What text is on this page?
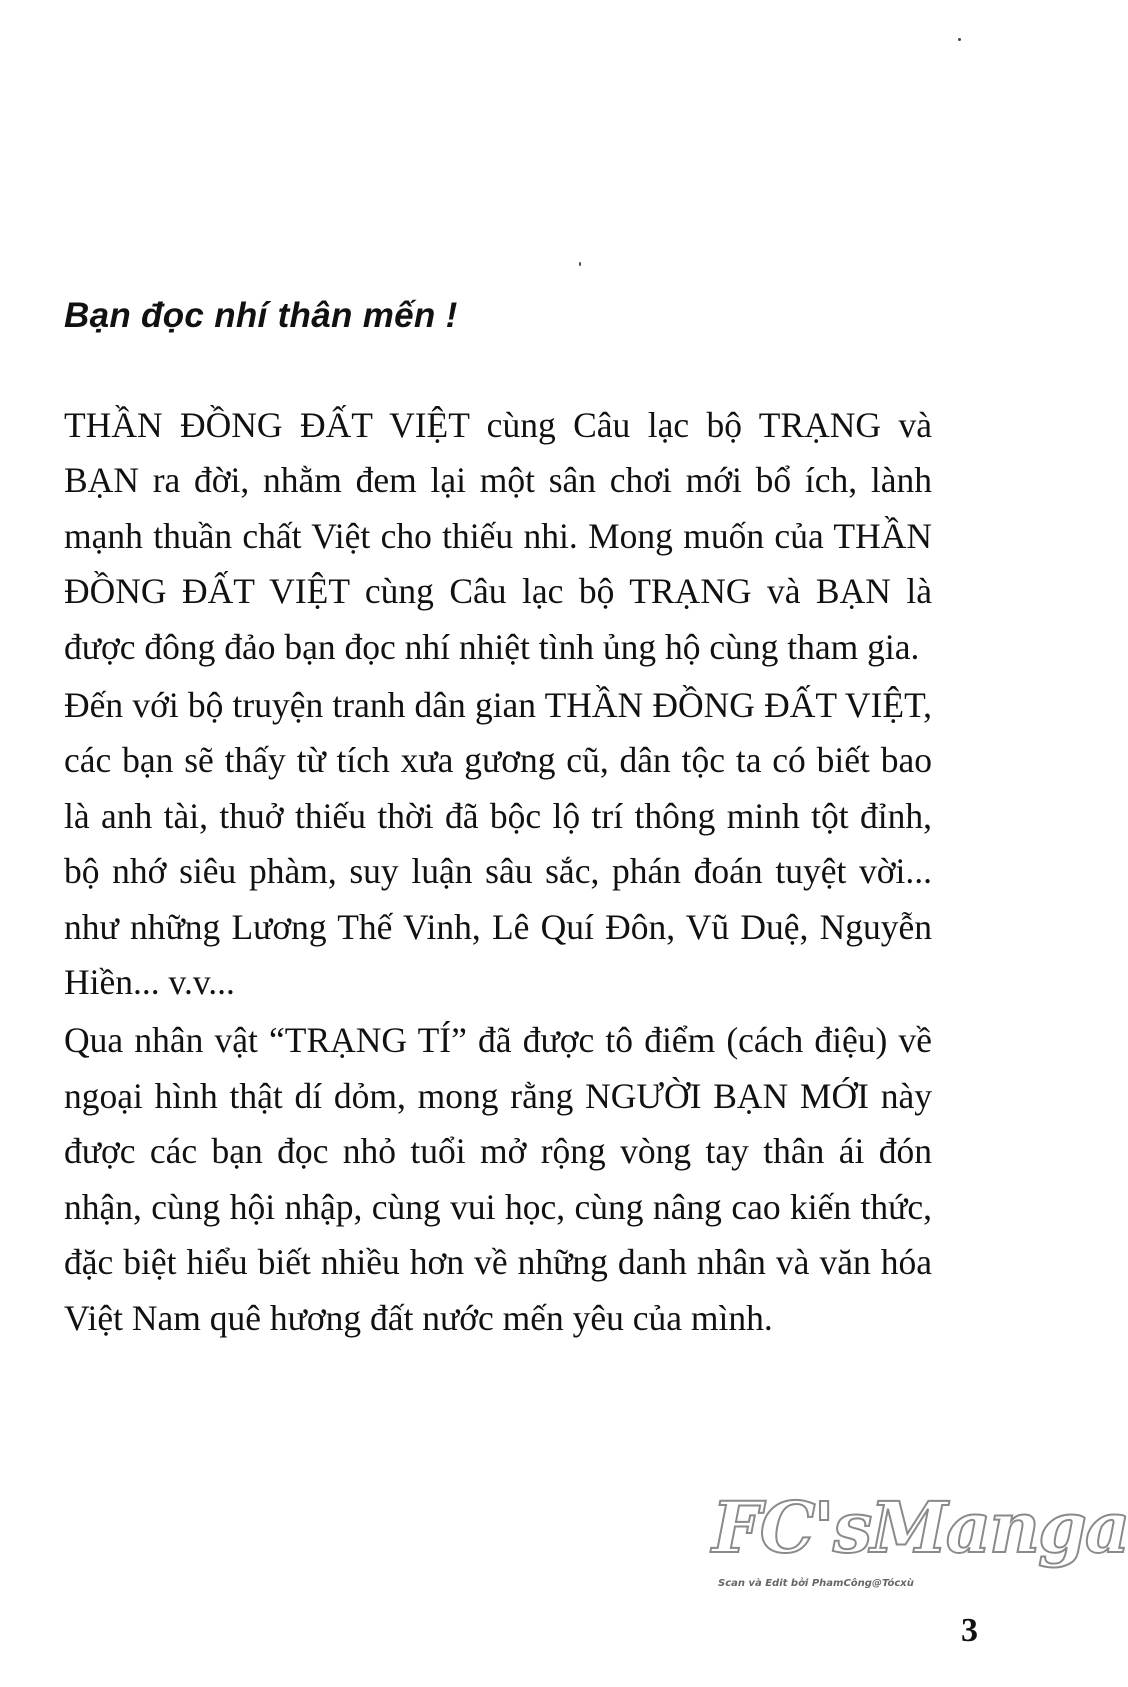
Bạn đọc nhí thân mến !

THẦN ĐỒNG ĐẤT VIỆT cùng Câu lạc bộ TRẠNG và BẠN ra đời, nhằm đem lại một sân chơi mới bổ ích, lành mạnh thuần chất Việt cho thiếu nhi. Mong muốn của THẦN ĐỒNG ĐẤT VIỆT cùng Câu lạc bộ TRẠNG và BẠN là được đông đảo bạn đọc nhí nhiệt tình ủng hộ cùng tham gia.

Đến với bộ truyện tranh dân gian THẦN ĐỒNG ĐẤT VIỆT, các bạn sẽ thấy từ tích xưa gương cũ, dân tộc ta có biết bao là anh tài, thuở thiếu thời đã bộc lộ trí thông minh tột đỉnh, bộ nhớ siêu phàm, suy luận sâu sắc, phán đoán tuyệt vời... như những Lương Thế Vinh, Lê Quí Đôn, Vũ Duệ, Nguyễn Hiền... v.v...

Qua nhân vật “TRẠNG TÍ” đã được tô điểm (cách điệu) về ngoại hình thật dí dỏm, mong rằng NGƯỜI BẠN MỚI này được các bạn đọc nhỏ tuổi mở rộng vòng tay thân ái đón nhận, cùng hội nhập, cùng vui học, cùng nâng cao kiến thức, đặc biệt hiểu biết nhiều hơn về những danh nhân và văn hóa Việt Nam quê hương đất nước mến yêu của mình.

FC'sManga
Scan và Edit bởi PhamCông@Tócxù
3
